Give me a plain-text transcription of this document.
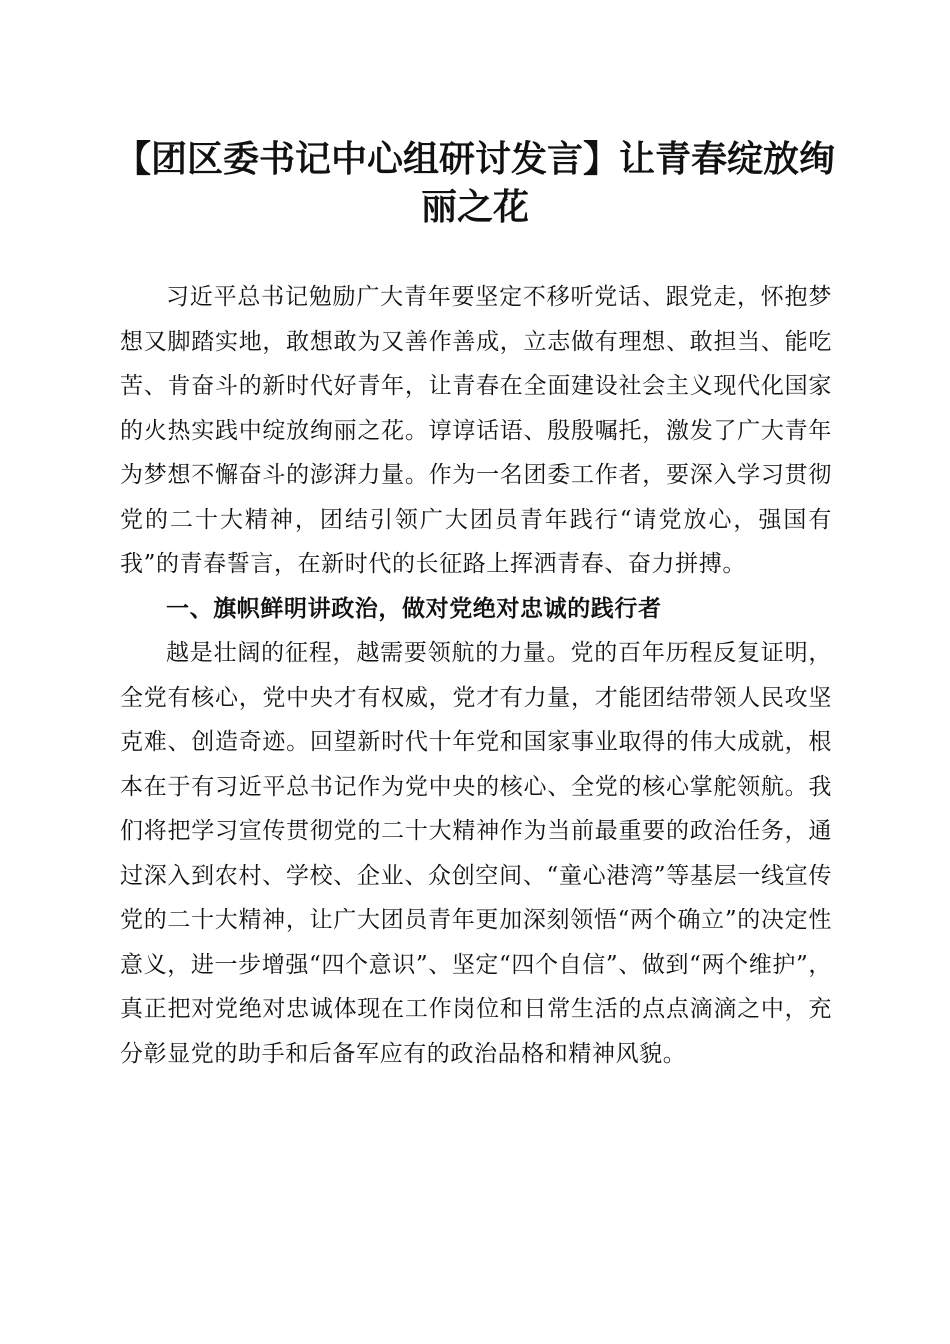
【团区委书记中心组研讨发言】让青春绽放绚丽之花

习近平总书记勉励广大青年要坚定不移听党话、跟党走，怀抱梦想又脚踏实地，敢想敢为又善作善成，立志做有理想、敢担当、能吃苦、肯奋斗的新时代好青年，让青春在全面建设社会主义现代化国家的火热实践中绽放绚丽之花。谆谆话语、殷殷嘱托，激发了广大青年为梦想不懈奋斗的澎湃力量。作为一名团委工作者，要深入学习贯彻党的二十大精神，团结引领广大团员青年践行“请党放心，强国有我”的青春誓言，在新时代的长征路上挥洒青春、奋力拼搏。

一、旗帜鲜明讲政治，做对党绝对忠诚的践行者

越是壮阔的征程，越需要领航的力量。党的百年历程反复证明，全党有核心，党中央才有权威，党才有力量，才能团结带领人民攻坚克难、创造奇迹。回望新时代十年党和国家事业取得的伟大成就，根本在于有习近平总书记作为党中央的核心、全党的核心掌舵领航。我们将把学习宣传贯彻党的二十大精神作为当前最重要的政治任务，通过深入到农村、学校、企业、众创空间、“童心港湾”等基层一线宣传党的二十大精神，让广大团员青年更加深刻领悟“两个确立”的决定性意义，进一步增强“四个意识”、坚定“四个自信”、做到“两个维护”，真正把对党绝对忠诚体现在工作岗位和日常生活的点点滴滴之中，充分彰显党的助手和后备军应有的政治品格和精神风貌。
